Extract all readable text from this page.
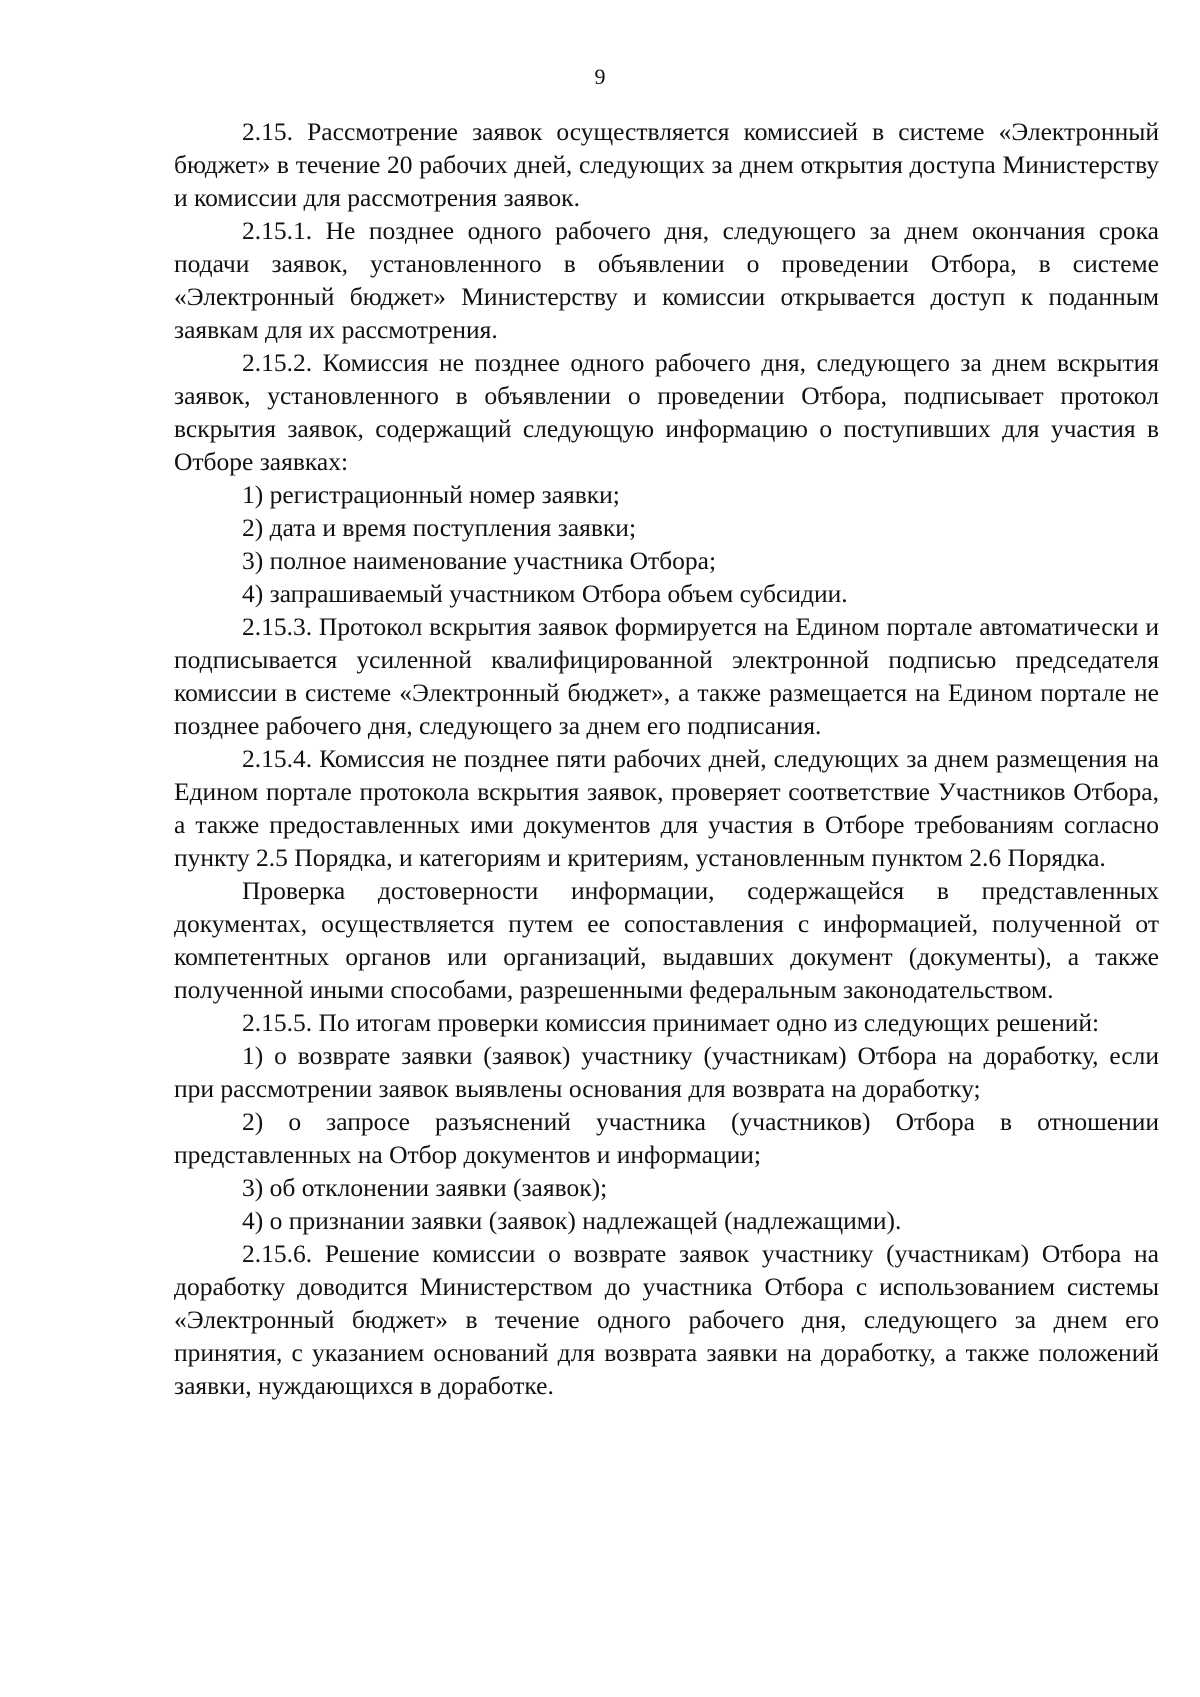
9

2.15. Рассмотрение заявок осуществляется комиссией в системе «Электронный бюджет» в течение 20 рабочих дней, следующих за днем открытия доступа Министерству и комиссии для рассмотрения заявок.

2.15.1. Не позднее одного рабочего дня, следующего за днем окончания срока подачи заявок, установленного в объявлении о проведении Отбора, в системе «Электронный бюджет» Министерству и комиссии открывается доступ к поданным заявкам для их рассмотрения.

2.15.2. Комиссия не позднее одного рабочего дня, следующего за днем вскрытия заявок, установленного в объявлении о проведении Отбора, подписывает протокол вскрытия заявок, содержащий следующую информацию о поступивших для участия в Отборе заявках:

1) регистрационный номер заявки;

2) дата и время поступления заявки;

3) полное наименование участника Отбора;

4) запрашиваемый участником Отбора объем субсидии.

2.15.3. Протокол вскрытия заявок формируется на Едином портале автоматически и подписывается усиленной квалифицированной электронной подписью председателя комиссии в системе «Электронный бюджет», а также размещается на Едином портале не позднее рабочего дня, следующего за днем его подписания.

2.15.4. Комиссия не позднее пяти рабочих дней, следующих за днем размещения на Едином портале протокола вскрытия заявок, проверяет соответствие Участников Отбора, а также предоставленных ими документов для участия в Отборе требованиям согласно пункту 2.5 Порядка, и категориям и критериям, установленным пунктом 2.6 Порядка.

Проверка достоверности информации, содержащейся в представленных документах, осуществляется путем ее сопоставления с информацией, полученной от компетентных органов или организаций, выдавших документ (документы), а также полученной иными способами, разрешенными федеральным законодательством.

2.15.5. По итогам проверки комиссия принимает одно из следующих решений:

1) о возврате заявки (заявок) участнику (участникам) Отбора на доработку, если при рассмотрении заявок выявлены основания для возврата на доработку;

2) о запросе разъяснений участника (участников) Отбора в отношении представленных на Отбор документов и информации;

3) об отклонении заявки (заявок);

4) о признании заявки (заявок) надлежащей (надлежащими).

2.15.6. Решение комиссии о возврате заявок участнику (участникам) Отбора на доработку доводится Министерством до участника Отбора с использованием системы «Электронный бюджет» в течение одного рабочего дня, следующего за днем его принятия, с указанием оснований для возврата заявки на доработку, а также положений заявки, нуждающихся в доработке.
